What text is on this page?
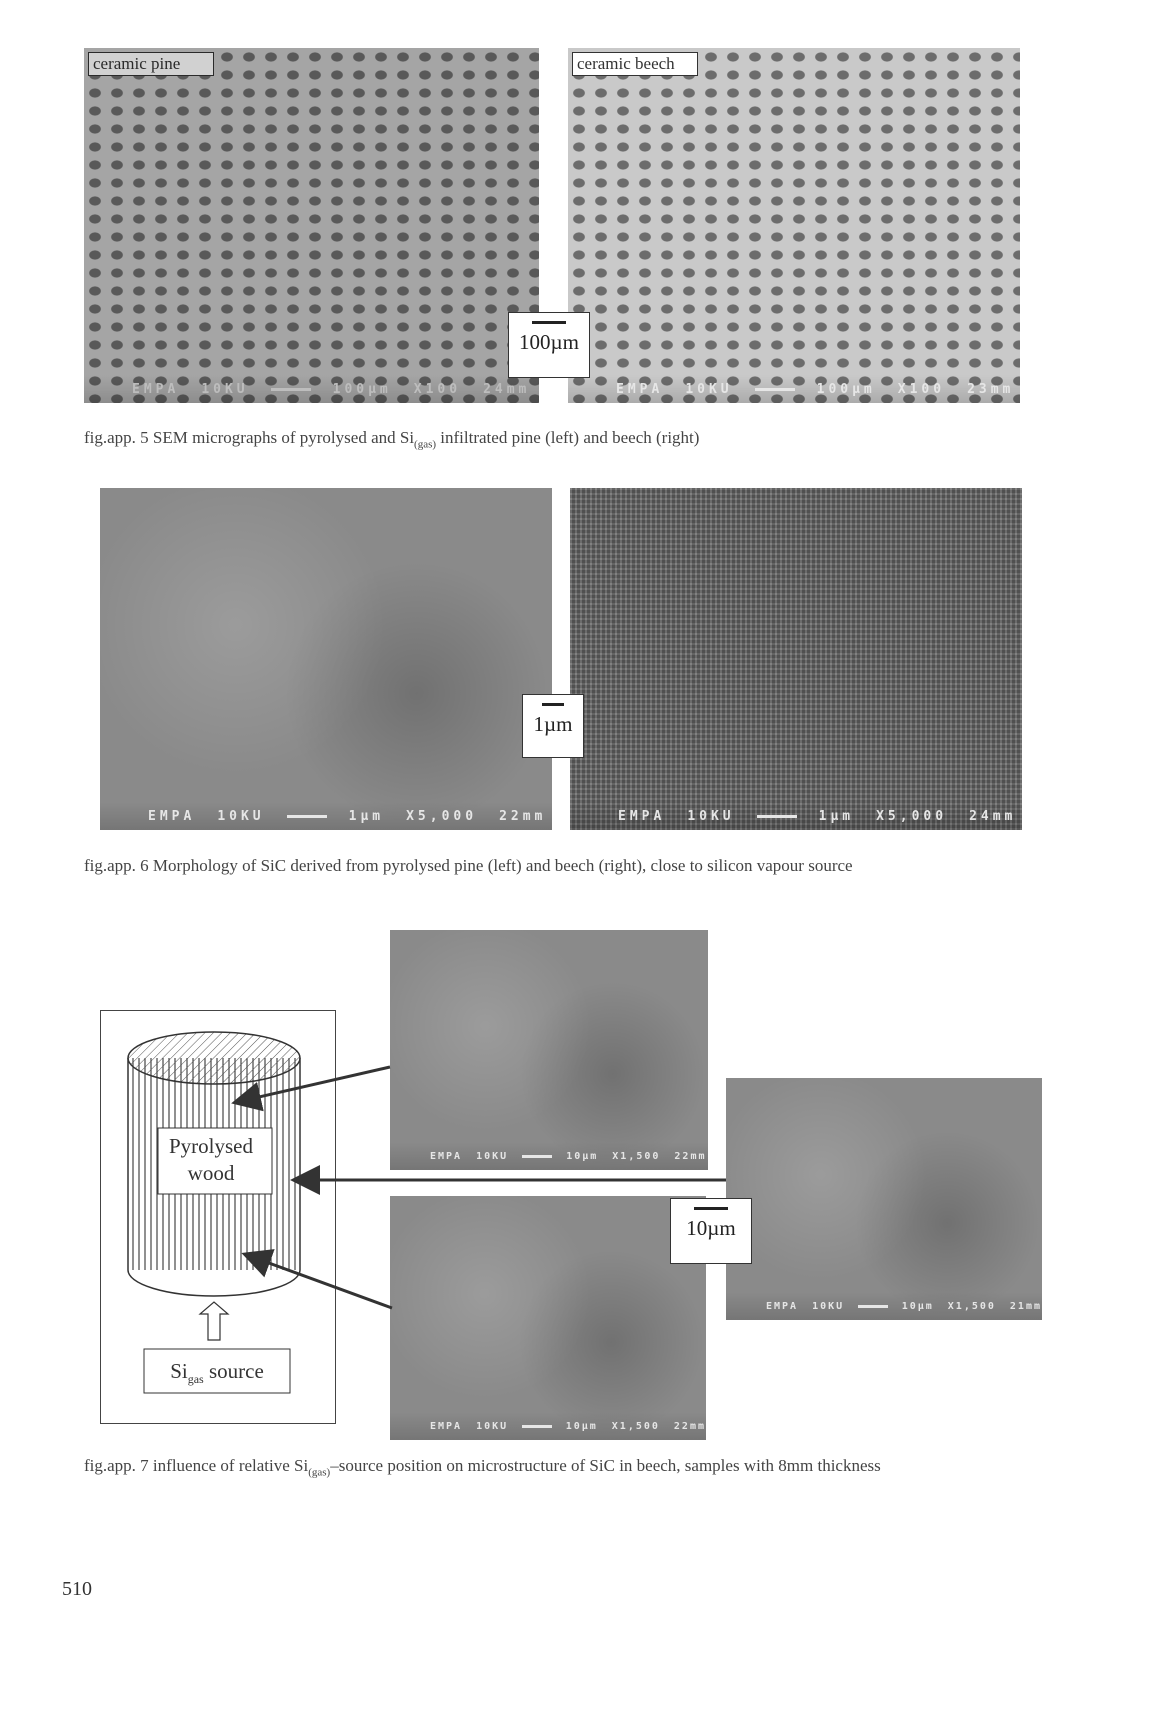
ceramic pine
EMPA 10KU	100µm X100 24mm
ceramic beech
EMPA 10KU	100µm X100 23mm
100µm
fig.app. 5 SEM micrographs of pyrolysed and $Si_{(gas)}$ infiltrated pine (left) and beech (right)
EMPA 10KU	1µm X5,000 22mm	EMPA 10KU	1µm X5,000 24mm
1µm
fig.app. 6 Morphology of SiC derived from pyrolysed pine (left) and beech (right), close to silicon vapour source
Pyrolysed wood
$Si_{gas}$ source
EMPA 10KU	10µm X1,500 22mm
EMPA 10KU	10µm X1,500 21mm
EMPA 10KU	10µm X1,500 22mm
10µm
fig.app. 7 influence of relative $Si_{(gas)}$–source position on microstructure of SiC in beech, samples with 8mm thickness
510
